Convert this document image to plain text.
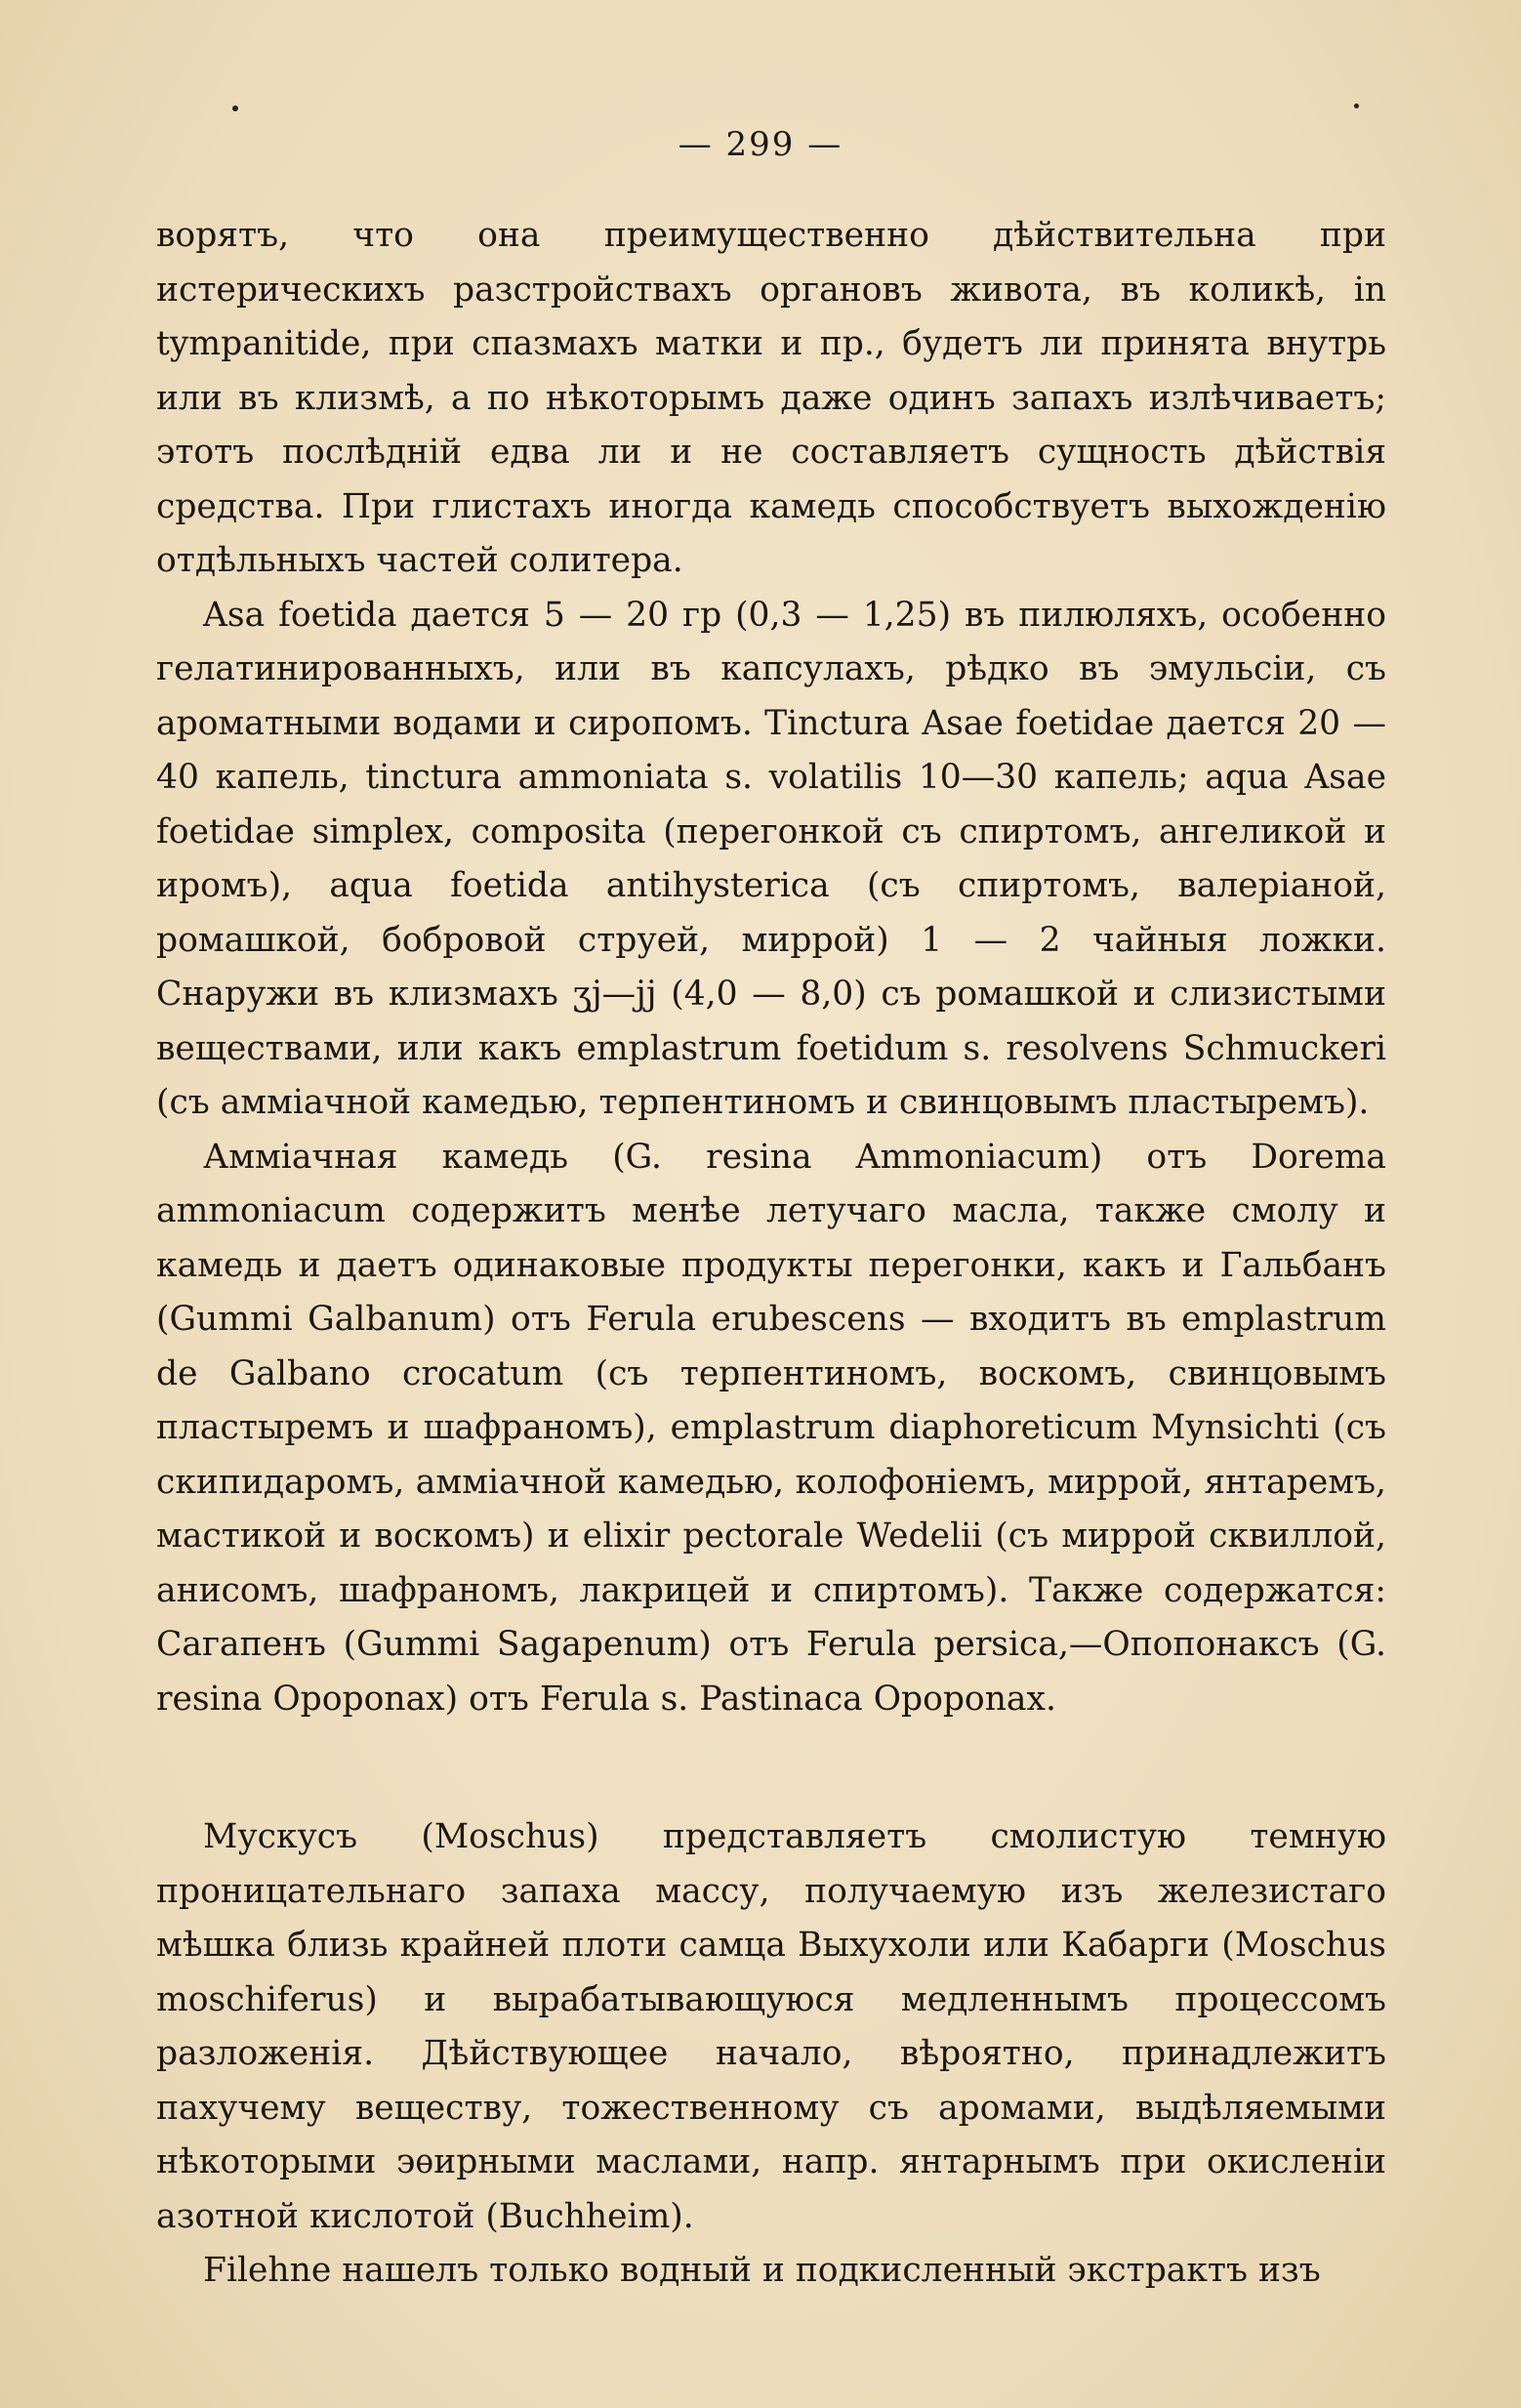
— 299 —

ворятъ, что она преимущественно дѣйствительна при истерическихъ разстройствахъ органовъ живота, въ коликѣ, in tympanitide, при спазмахъ матки и пр., будетъ ли принята внутрь или въ клизмѣ, а по нѣкоторымъ даже одинъ запахъ излѣчиваетъ; этотъ послѣдній едва ли и не составляетъ сущность дѣйствія средства. При глистахъ иногда камедь способствуетъ выхожденію отдѣльныхъ частей солитера.

Asa foetida дается 5 — 20 гр (0,3 — 1,25) въ пилюляхъ, особенно гелатинированныхъ, или въ капсулахъ, рѣдко въ эмульсіи, съ ароматными водами и сиропомъ. Tinctura Asae foetidae дается 20 — 40 капель, tinctura ammoniata s. volatilis 10—30 капель; aqua Asae foetidae simplex, composita (перегонкой съ спиртомъ, ангеликой и иромъ), aqua foetida antihysterica (съ спиртомъ, валеріаной, ромашкой, бобровой струей, миррой) 1 — 2 чайныя ложки. Снаружи въ клизмахъ ʒj—jj (4,0 — 8,0) съ ромашкой и слизистыми веществами, или какъ emplastrum foetidum s. resolvens Schmuckeri (съ амміачной камедью, терпентиномъ и свинцовымъ пластыремъ).

Амміачная камедь (G. resina Ammoniacum) отъ Dorema ammoniacum содержитъ менѣе летучаго масла, также смолу и камедь и даетъ одинаковые продукты перегонки, какъ и Гальбанъ (Gummi Galbanum) отъ Ferula erubescens — входитъ въ emplastrum de Galbano crocatum (съ терпентиномъ, воскомъ, свинцовымъ пластыремъ и шафраномъ), emplastrum diaphoreticum Mynsichti (съ скипидаромъ, амміачной камедью, колофоніемъ, миррой, янтаремъ, мастикой и воскомъ) и elixir pectorale Wedelii (съ миррой сквиллой, анисомъ, шафраномъ, лакрицей и спиртомъ). Также содержатся: Сагапенъ (Gummi Sagapenum) отъ Ferula persica,—Опопонаксъ (G. resina Opoponax) отъ Ferula s. Pastinaca Opoponax.

Мускусъ (Moschus) представляетъ смолистую темную проницательнаго запаха массу, получаемую изъ железистаго мѣшка близь крайней плоти самца Выхухоли или Кабарги (Moschus moschiferus) и вырабатывающуюся медленнымъ процессомъ разложенія. Дѣйствующее начало, вѣроятно, принадлежитъ пахучему веществу, тожественному съ аромами, выдѣляемыми нѣкоторыми эѳирными маслами, напр. янтарнымъ при окисленіи азотной кислотой (Buchheim).

Filehne нашелъ только водный и подкисленный экстрактъ изъ
